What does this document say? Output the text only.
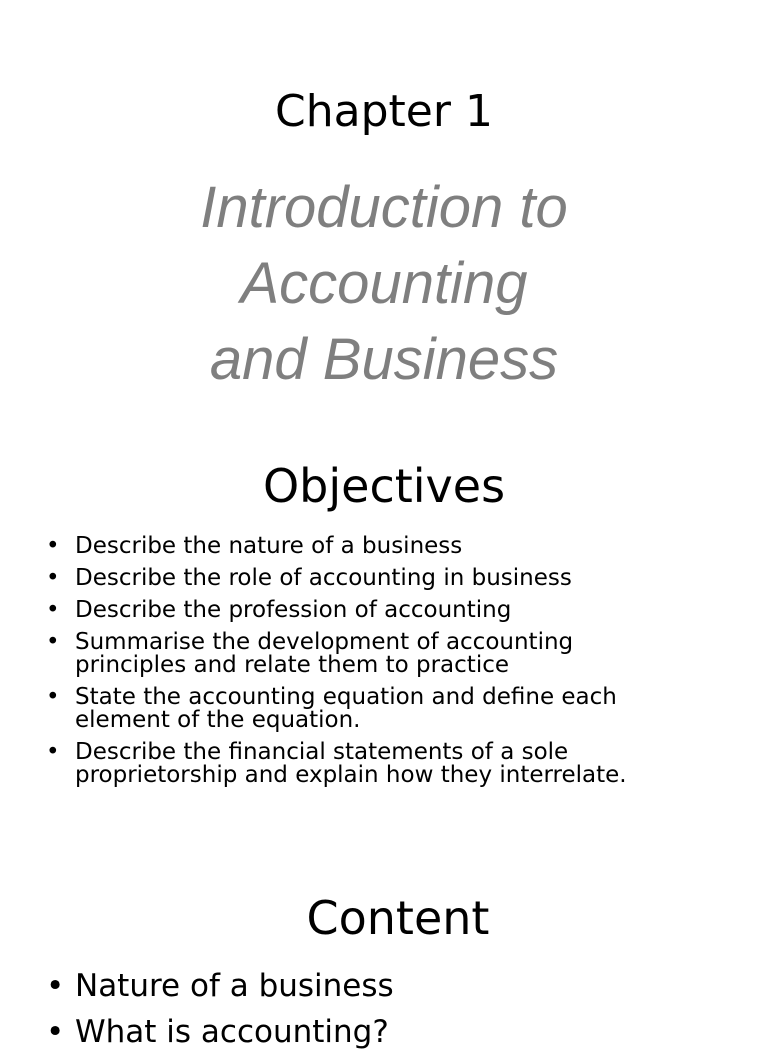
Chapter 1
Introduction to
Accounting
and Business
Objectives
• Describe the nature of a business
• Describe the role of accounting in business
• Describe the profession of accounting
• Summarise the development of accounting principles and relate them to practice
• State the accounting equation and define each element of the equation.
• Describe the financial statements of a sole proprietorship and explain how they interrelate.
Content
• Nature of a business
• What is accounting?
